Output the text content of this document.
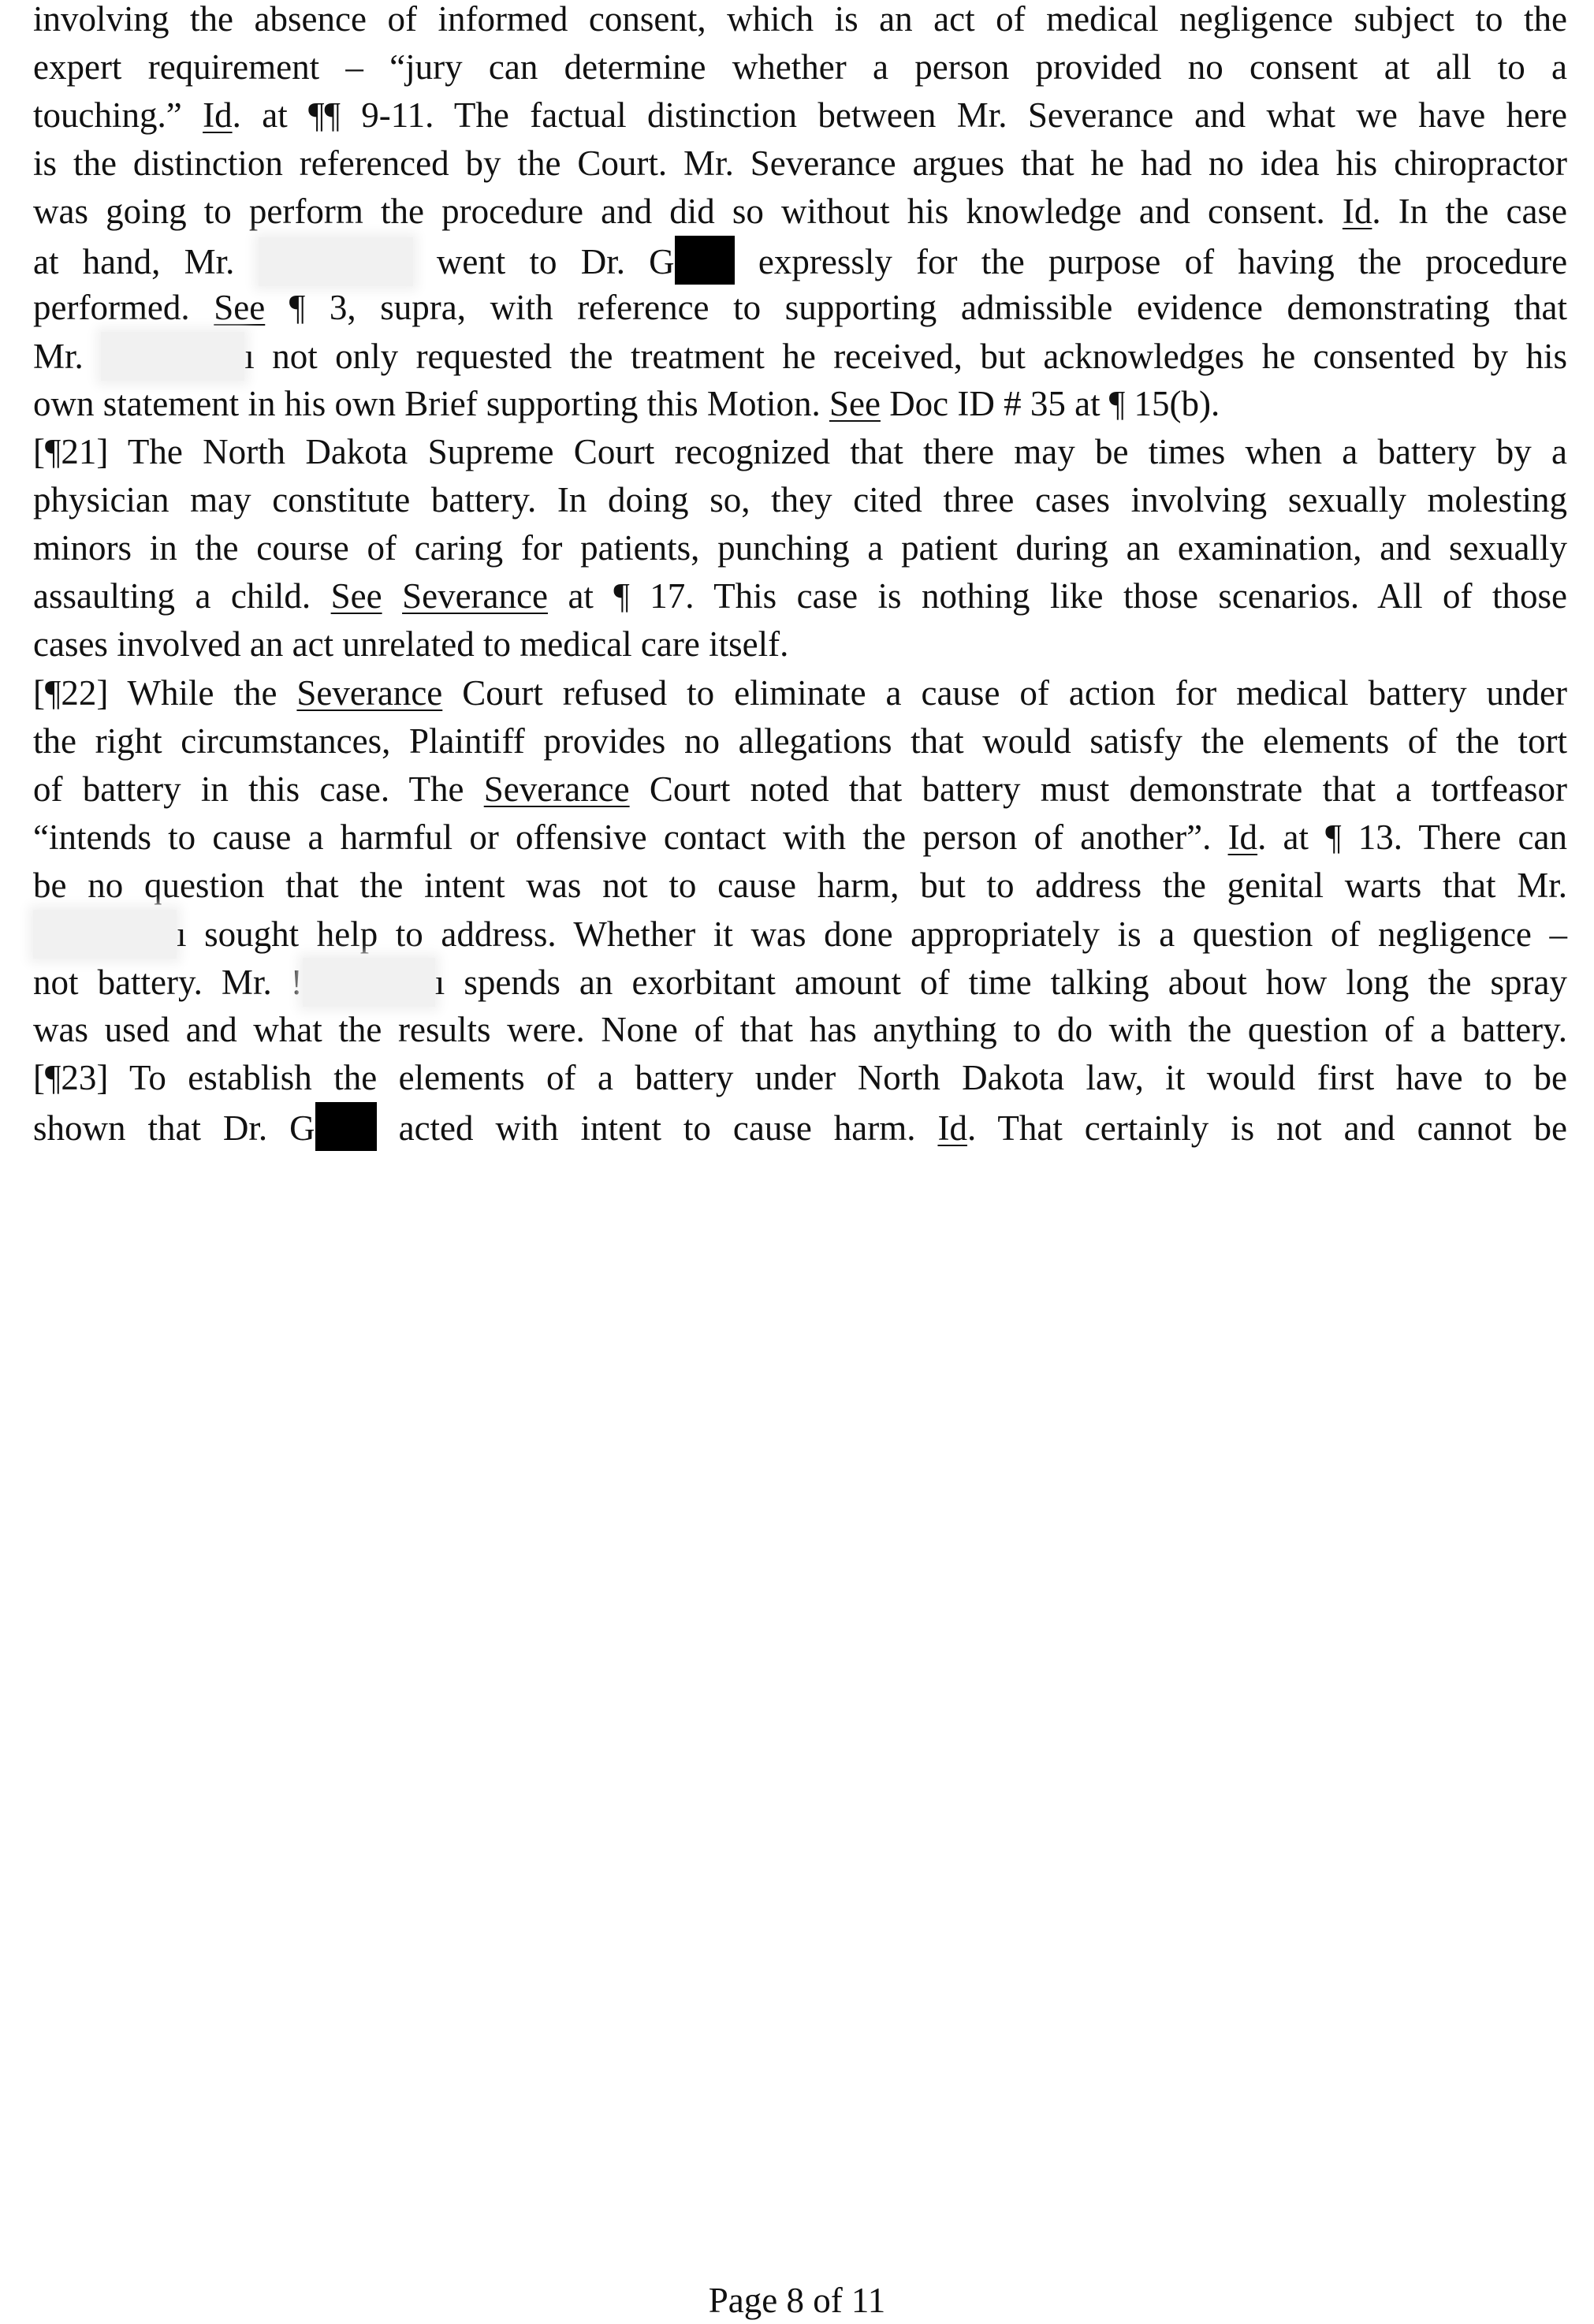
involving the absence of informed consent, which is an act of medical negligence subject to the
expert requirement – “jury can determine whether a person provided no consent at all to a
touching.” Id. at ¶¶ 9-11. The factual distinction between Mr. Severance and what we have here
is the distinction referenced by the Court. Mr. Severance argues that he had no idea his chiropractor
was going to perform the procedure and did so without his knowledge and consent. Id. In the case
at hand, Mr.	went to Dr. G expressly for the purpose of having the procedure
performed. See ¶ 3, supra, with reference to supporting admissible evidence demonstrating that
Mr.	ı not only requested the treatment he received, but acknowledges he consented by his
own statement in his own Brief supporting this Motion. See Doc ID # 35 at ¶ 15(b).
[¶21] The North Dakota Supreme Court recognized that there may be times when a battery by a
physician may constitute battery. In doing so, they cited three cases involving sexually molesting
minors in the course of caring for patients, punching a patient during an examination, and sexually
assaulting a child. See Severance at ¶ 17. This case is nothing like those scenarios. All of those
cases involved an act unrelated to medical care itself.
[¶22] While the Severance Court refused to eliminate a cause of action for medical battery under
the right circumstances, Plaintiff provides no allegations that would satisfy the elements of the tort
of battery in this case. The Severance Court noted that battery must demonstrate that a tortfeasor
“intends to cause a harmful or offensive contact with the person of another”. Id. at ¶ 13. There can
be no question that the intent was not to cause harm, but to address the genital warts that Mr.
ı sought help to address. Whether it was done appropriately is a question of negligence –
not battery. Mr. !	ı spends an exorbitant amount of time talking about how long the spray
was used and what the results were. None of that has anything to do with the question of a battery.
[¶23] To establish the elements of a battery under North Dakota law, it would first have to be
shown that Dr. G acted with intent to cause harm. Id. That certainly is not and cannot be
Page 8 of 11
